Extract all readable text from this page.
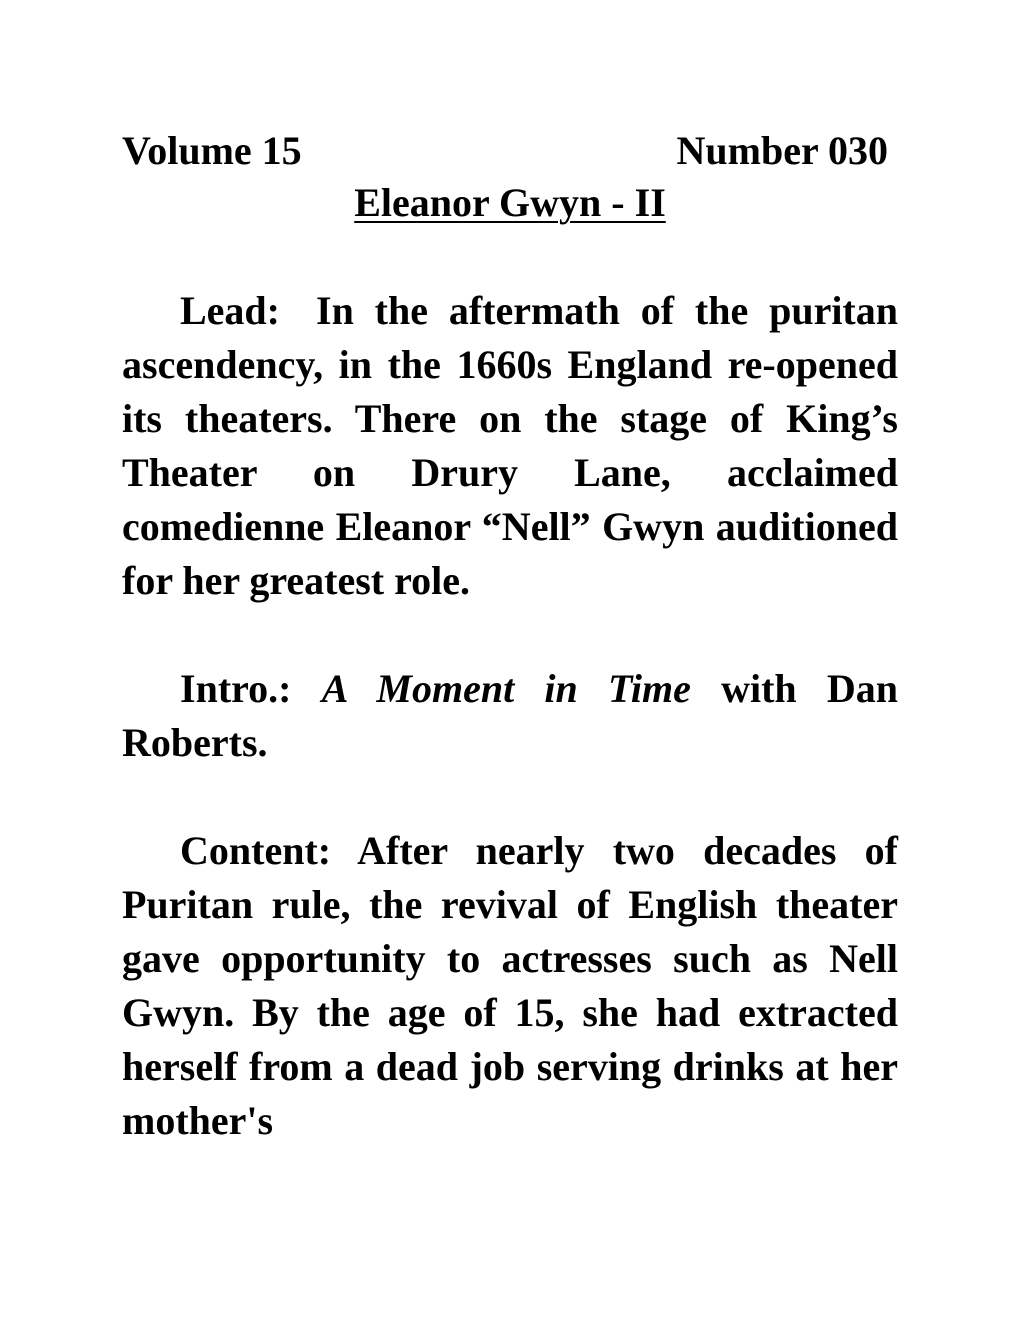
Volume 15	Number 030
Eleanor Gwyn - II

Lead: In the aftermath of the puritan ascendency, in the 1660s England re-opened its theaters. There on the stage of King’s Theater on Drury Lane, acclaimed comedienne Eleanor “Nell” Gwyn auditioned for her greatest role.

Intro.: A Moment in Time with Dan Roberts.

Content: After nearly two decades of Puritan rule, the revival of English theater gave opportunity to actresses such as Nell Gwyn. By the age of 15, she had extracted herself from a dead job serving drinks at her mother's
